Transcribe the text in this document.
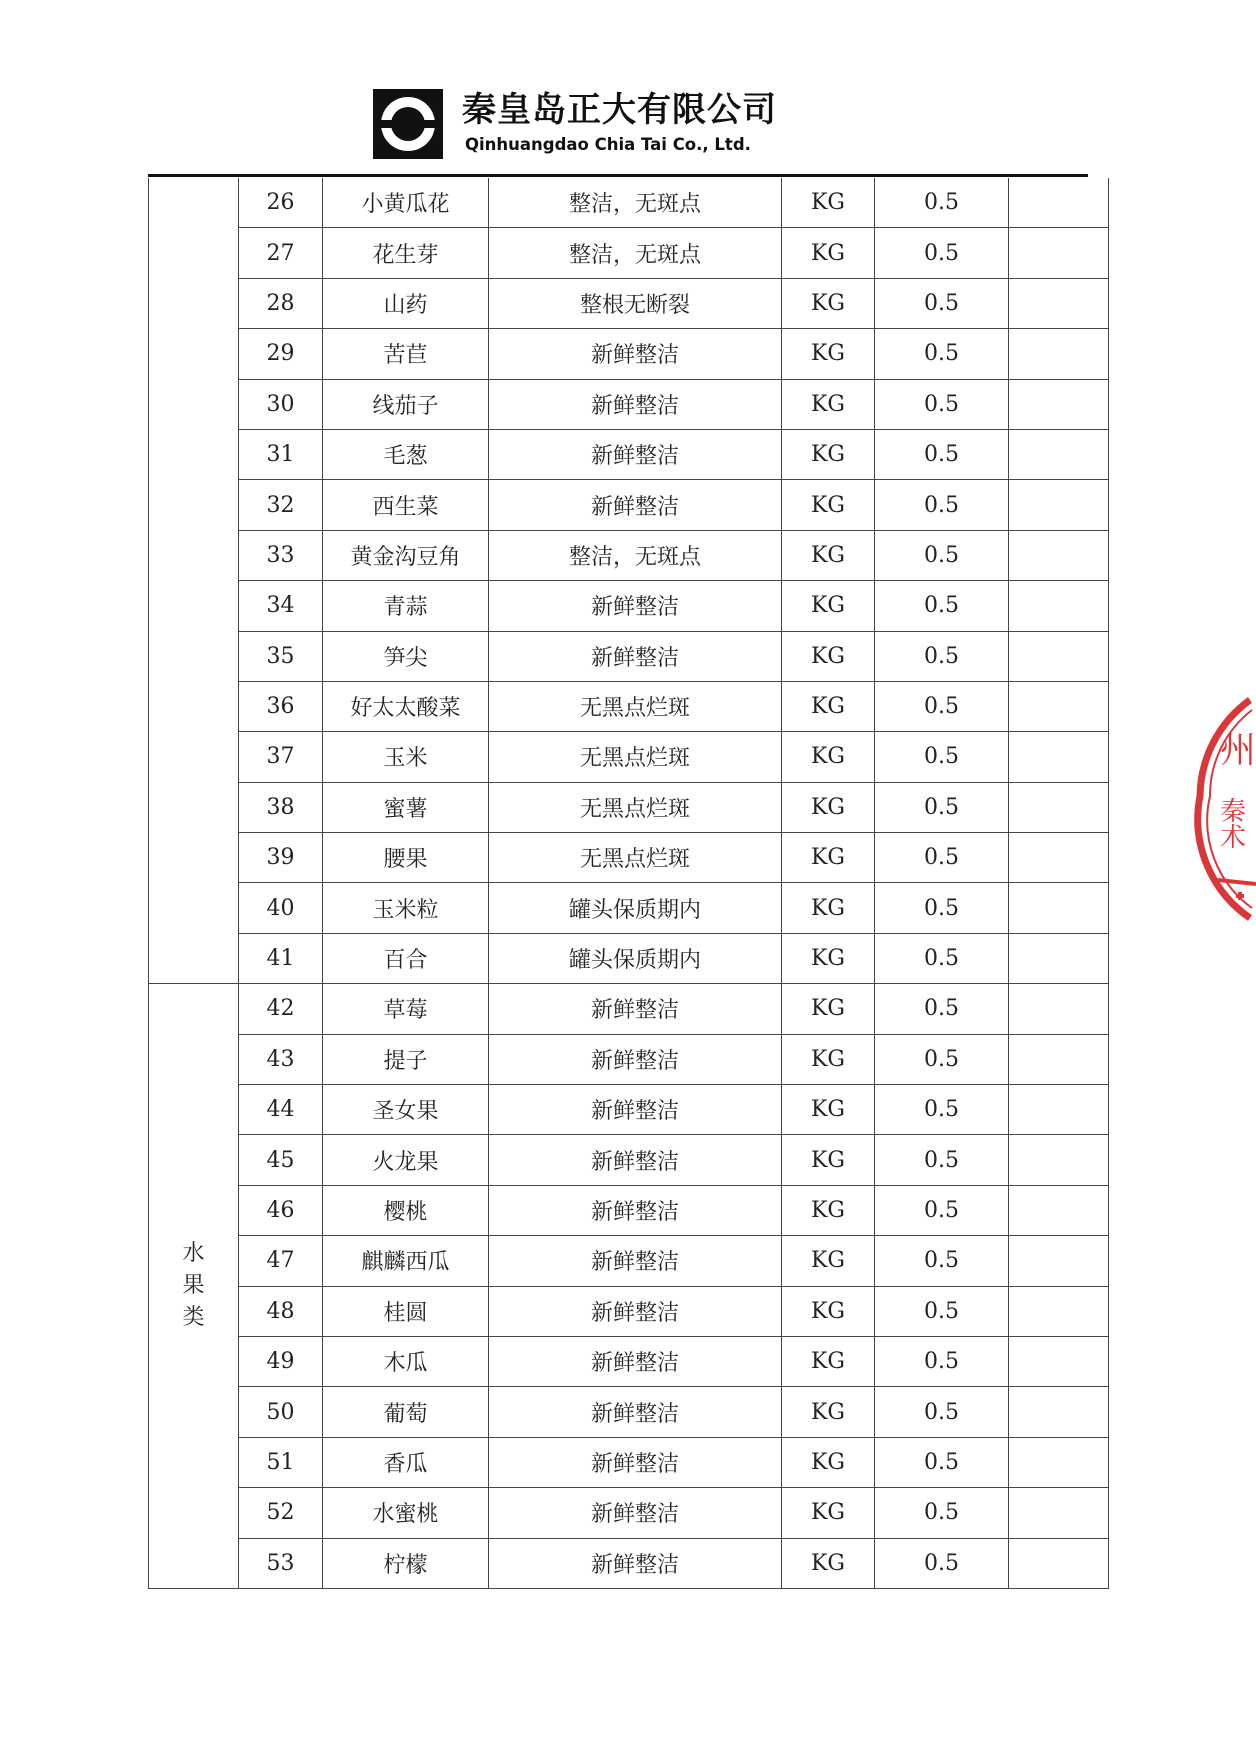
秦皇岛正大有限公司
Qinhuangdao Chia Tai Co., Ltd.
	26	小黄瓜花	整洁，无斑点	KG	0.5	
	27	花生芽	整洁，无斑点	KG	0.5	
	28	山药	整根无断裂	KG	0.5	
	29	苦苣	新鲜整洁	KG	0.5	
	30	线茄子	新鲜整洁	KG	0.5	
	31	毛葱	新鲜整洁	KG	0.5	
	32	西生菜	新鲜整洁	KG	0.5	
	33	黄金沟豆角	整洁，无斑点	KG	0.5	
	34	青蒜	新鲜整洁	KG	0.5	
	35	笋尖	新鲜整洁	KG	0.5	
	36	好太太酸菜	无黑点烂斑	KG	0.5	
	37	玉米	无黑点烂斑	KG	0.5	
	38	蜜薯	无黑点烂斑	KG	0.5	
	39	腰果	无黑点烂斑	KG	0.5	
	40	玉米粒	罐头保质期内	KG	0.5	
	41	百合	罐头保质期内	KG	0.5	
水果类	42	草莓	新鲜整洁	KG	0.5	
	43	提子	新鲜整洁	KG	0.5	
	44	圣女果	新鲜整洁	KG	0.5	
	45	火龙果	新鲜整洁	KG	0.5	
	46	樱桃	新鲜整洁	KG	0.5	
	47	麒麟西瓜	新鲜整洁	KG	0.5	
	48	桂圆	新鲜整洁	KG	0.5	
	49	木瓜	新鲜整洁	KG	0.5	
	50	葡萄	新鲜整洁	KG	0.5	
	51	香瓜	新鲜整洁	KG	0.5	
	52	水蜜桃	新鲜整洁	KG	0.5	
	53	柠檬	新鲜整洁	KG	0.5	
州
秦
术
